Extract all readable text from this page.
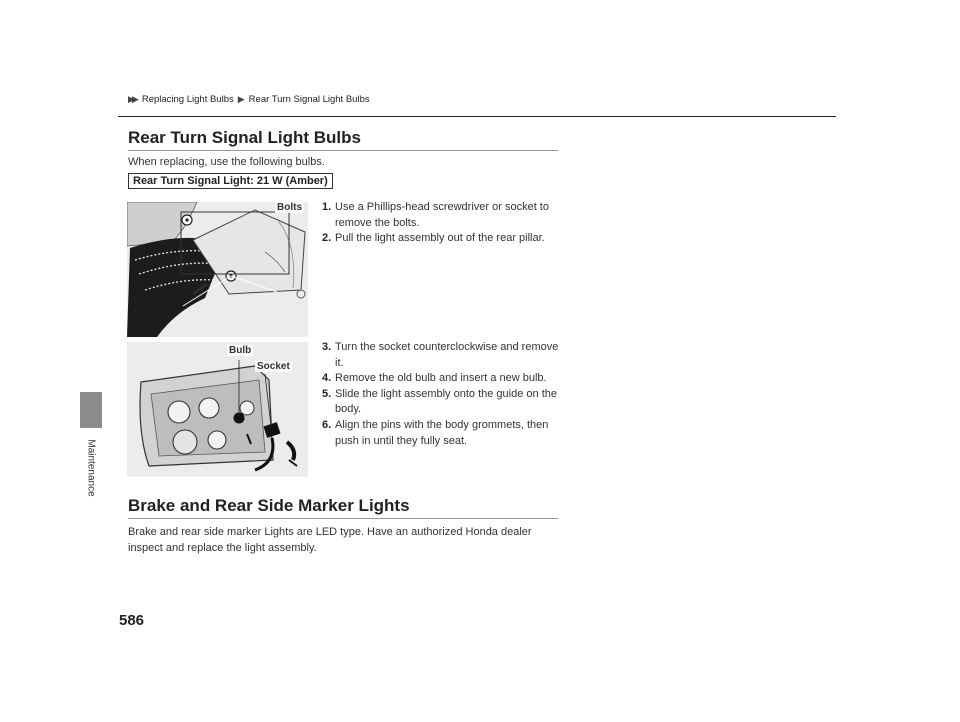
▶▶ Replacing Light Bulbs ▶ Rear Turn Signal Light Bulbs
Maintenance
Rear Turn Signal Light Bulbs
When replacing, use the following bulbs.
Rear Turn Signal Light: 21 W (Amber)
Bolts 1. Use a Phillips-head screwdriver or socket to remove the bolts.
2. Pull the light assembly out of the rear pillar.
Bulb
Socket
3. Turn the socket counterclockwise and remove it.
4. Remove the old bulb and insert a new bulb.
5. Slide the light assembly onto the guide on the body.
6. Align the pins with the body grommets, then push in until they fully seat.
Brake and Rear Side Marker Lights
Brake and rear side marker Lights are LED type. Have an authorized Honda dealer inspect and replace the light assembly.
586
